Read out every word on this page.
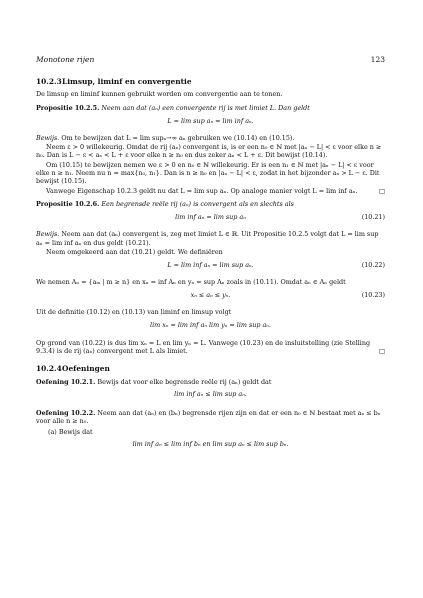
Monotone rijen	123
10.2.3Limsup, liminf en convergentie
De limsup en liminf kunnen gebruikt worden om convergentie aan te tonen.
Propositie 10.2.5. Neem aan dat (aₙ) een convergente rij is met limiet L. Dan geldt
L = lim sup aₙ = lim inf aₙ.
Bewijs. Om te bewijzen dat L = lim supₙ→∞ aₙ gebruiken we (10.14) en (10.15).
Neem ε > 0 willekeurig. Omdat de rij (aₙ) convergent is, is er een n₀ ∈ ℕ met |aₙ − L| < ε voor elke n ≥ n₀. Dan is L − ε < aₙ < L + ε voor elke n ≥ n₀ en dus zeker aₙ < L + ε. Dit bewijst (10.14).
Om (10.15) te bewijzen nemen we ε > 0 en n₀ ∈ ℕ willekeurig. Er is een n₁ ∈ ℕ met |aₙ − L| < ε voor elke n ≥ n₁. Neem nu n = max{n₀, n₁}. Dan is n ≥ n₀ en |aₙ − L| < ε, zodat in het bijzonder aₙ > L − ε. Dit bewijst (10.15).
Vanwege Eigenschap 10.2.3 geldt nu dat L = lim sup aₙ. Op analoge manier volgt L = lim inf aₙ.	□
Propositie 10.2.6. Een begrensde reële rij (aₙ) is convergent als en slechts als
lim inf aₙ = lim sup aₙ	(10.21)
Bewijs. Neem aan dat (aₙ) convergent is, zeg met limiet L ∈ ℝ. Uit Propositie 10.2.5 volgt dat L = lim sup aₙ = lim inf aₙ en dus geldt (10.21).
Neem omgekeerd aan dat (10.21) geldt. We definiëren
L = lim inf aₙ = lim sup aₙ.	(10.22)
We nemen Aₙ = {aₘ | m ≥ n} en xₙ = inf Aₙ en yₙ = sup Aₙ zoals in (10.11). Omdat aₙ ∈ Aₙ geldt
xₙ ≤ aₙ ≤ yₙ.	(10.23)
Uit de definitie (10.12) en (10.13) van liminf en limsup volgt
lim xₙ = lim inf aₙ lim yₙ = lim sup aₙ.
Op grond van (10.22) is dus lim xₙ = L en lim yₙ = L. Vanwege (10.23) en de insluitstelling (zie Stelling 9.3.4) is de rij (aₙ) convergent met L als limiet.	□
10.2.4Oefeningen
Oefening 10.2.1. Bewijs dat voor elke begrensde reële rij (aₙ) geldt dat
lim inf aₙ ≤ lim sup aₙ.
Oefening 10.2.2. Neem aan dat (aₙ) en (bₙ) begrensde rijen zijn en dat er een n₀ ∈ ℕ bestaat met aₙ ≤ bₙ voor alle n ≥ n₀.
(a) Bewijs dat
lim inf aₙ ≤ lim inf bₙ en lim sup aₙ ≤ lim sup bₙ.
